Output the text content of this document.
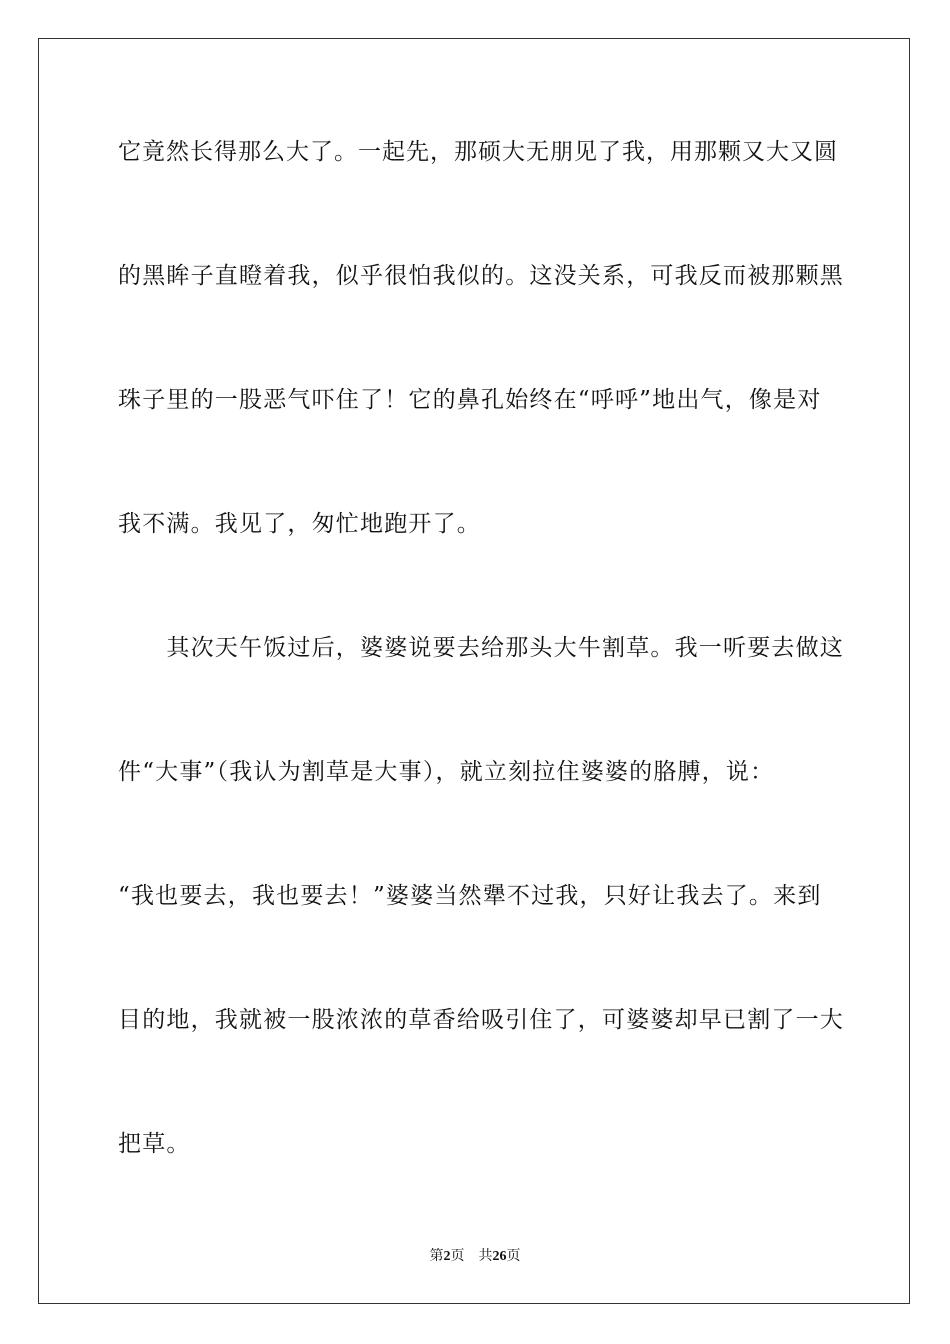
它竟然长得那么大了。一起先，那硕大无朋见了我，用那颗又大又圆
的黑眸子直瞪着我，似乎很怕我似的。这没关系，可我反而被那颗黑
珠子里的一股恶气吓住了！它的鼻孔始终在“呼呼”地出气，像是对
我不满。我见了，匆忙地跑开了。
　　其次天午饭过后，婆婆说要去给那头大牛割草。我一听要去做这
件“大事”（我认为割草是大事），就立刻拉住婆婆的胳膊，说：
“我也要去，我也要去！”婆婆当然犟不过我，只好让我去了。来到
目的地，我就被一股浓浓的草香给吸引住了，可婆婆却早已割了一大
把草。
第2页 共26页
